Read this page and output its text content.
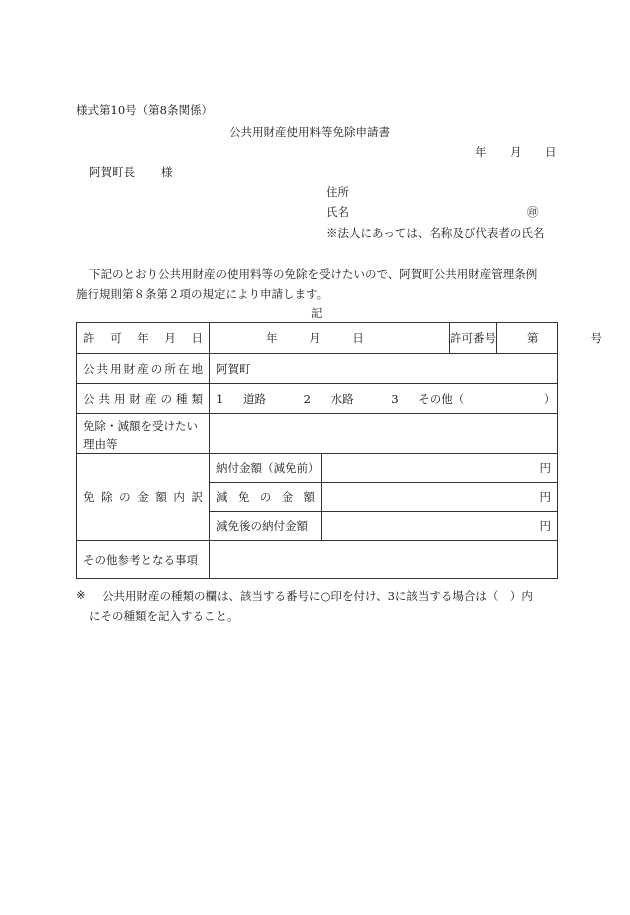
様式第10号（第8条関係）
公共用財産使用料等免除申請書
年 月 日
阿賀町長 様
住所
氏名	㊞
※法人にあっては、名称及び代表者の氏名
下記のとおり公共用財産の使用料等の免除を受けたいので、阿賀町公共用財産管理条例
施行規則第８条第２項の規定により申請します。
記
許可年月日	年 月 日		許可番号 第 号

公共用財産の所在地	阿賀町		

公共用財産の種類	1 道路 2 水路 3 その他（ ）		

免除・減額を受けたい
理由等			

免除の金額内訳	納付金額（減免前）	円	

	減免の金額	円	

	減免後の納付金額	円	

その他参考となる事項			

※ 公共用財産の種類の欄は、該当する番号に○印を付け、3に該当する場合は（　）内
にその種類を記入すること。
